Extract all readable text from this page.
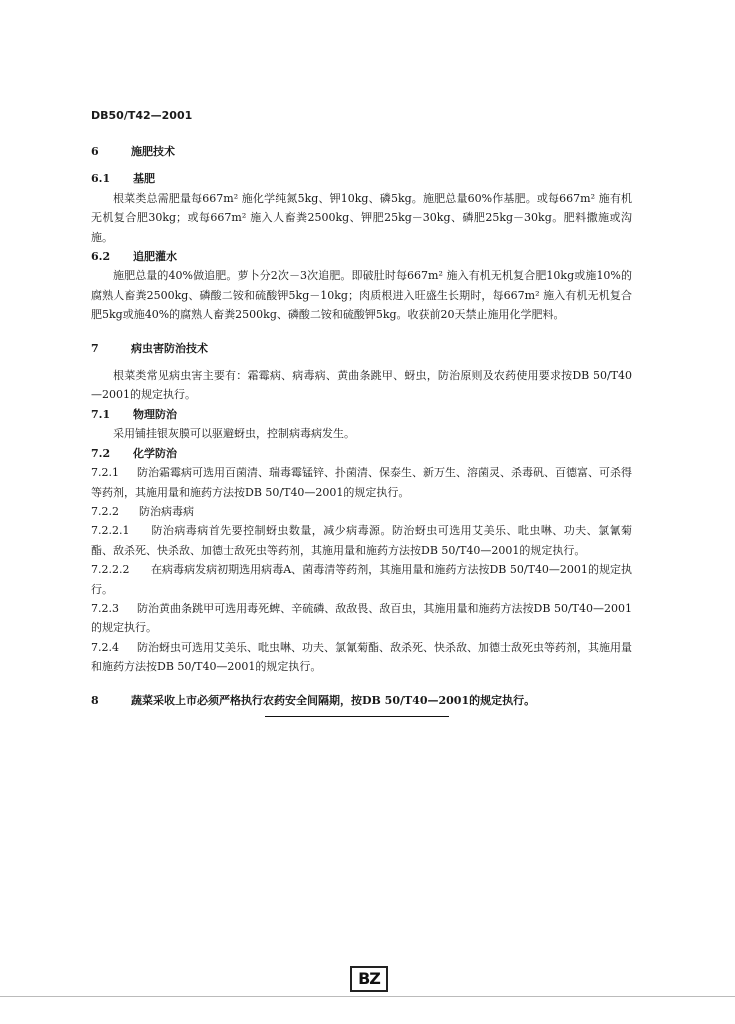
DB50/T42—2001
6	施肥技术
6.1 基肥

根菜类总需肥量每667m² 施化学纯氮5kg、钾10kg、磷5kg。施肥总量60%作基肥。或每667m² 施有机无机复合肥30kg；或每667m² 施入人畜粪2500kg、钾肥25kg－30kg、磷肥25kg－30kg。肥料撒施或沟施。

6.2 追肥灌水

施肥总量的40%做追肥。萝卜分2次－3次追肥。即破肚时每667m² 施入有机无机复合肥10kg或施10%的腐熟人畜粪2500kg、磷酸二铵和硫酸钾5kg－10kg；肉质根进入旺盛生长期时，每667m² 施入有机无机复合肥5kg或施40%的腐熟人畜粪2500kg、磷酸二铵和硫酸钾5kg。收获前20天禁止施用化学肥料。

7	病虫害防治技术

根菜类常见病虫害主要有：霜霉病、病毒病、黄曲条跳甲、蚜虫，防治原则及农药使用要求按DB 50/T40—2001的规定执行。

7.1 物理防治

采用铺挂银灰膜可以驱避蚜虫，控制病毒病发生。

7.2 化学防治

7.2.1 防治霜霉病可选用百菌清、瑞毒霉锰锌、扑菌清、保泰生、新万生、溶菌灵、杀毒矾、百德富、可杀得等药剂，其施用量和施药方法按DB 50/T40—2001的规定执行。

7.2.2 防治病毒病

7.2.2.1 防治病毒病首先要控制蚜虫数量，减少病毒源。防治蚜虫可选用艾美乐、吡虫啉、功夫、氯氰菊酯、敌杀死、快杀敌、加德士敌死虫等药剂，其施用量和施药方法按DB 50/T40—2001的规定执行。

7.2.2.2 在病毒病发病初期选用病毒A、菌毒清等药剂，其施用量和施药方法按DB 50/T40—2001的规定执行。

7.2.3 防治黄曲条跳甲可选用毒死蜱、辛硫磷、敌敌畏、敌百虫，其施用量和施药方法按DB 50/T40—2001的规定执行。

7.2.4 防治蚜虫可选用艾美乐、吡虫啉、功夫、氯氰菊酯、敌杀死、快杀敌、加德士敌死虫等药剂，其施用量和施药方法按DB 50/T40—2001的规定执行。

8	蔬菜采收上市必须严格执行农药安全间隔期，按DB 50/T40—2001的规定执行。
BZ
